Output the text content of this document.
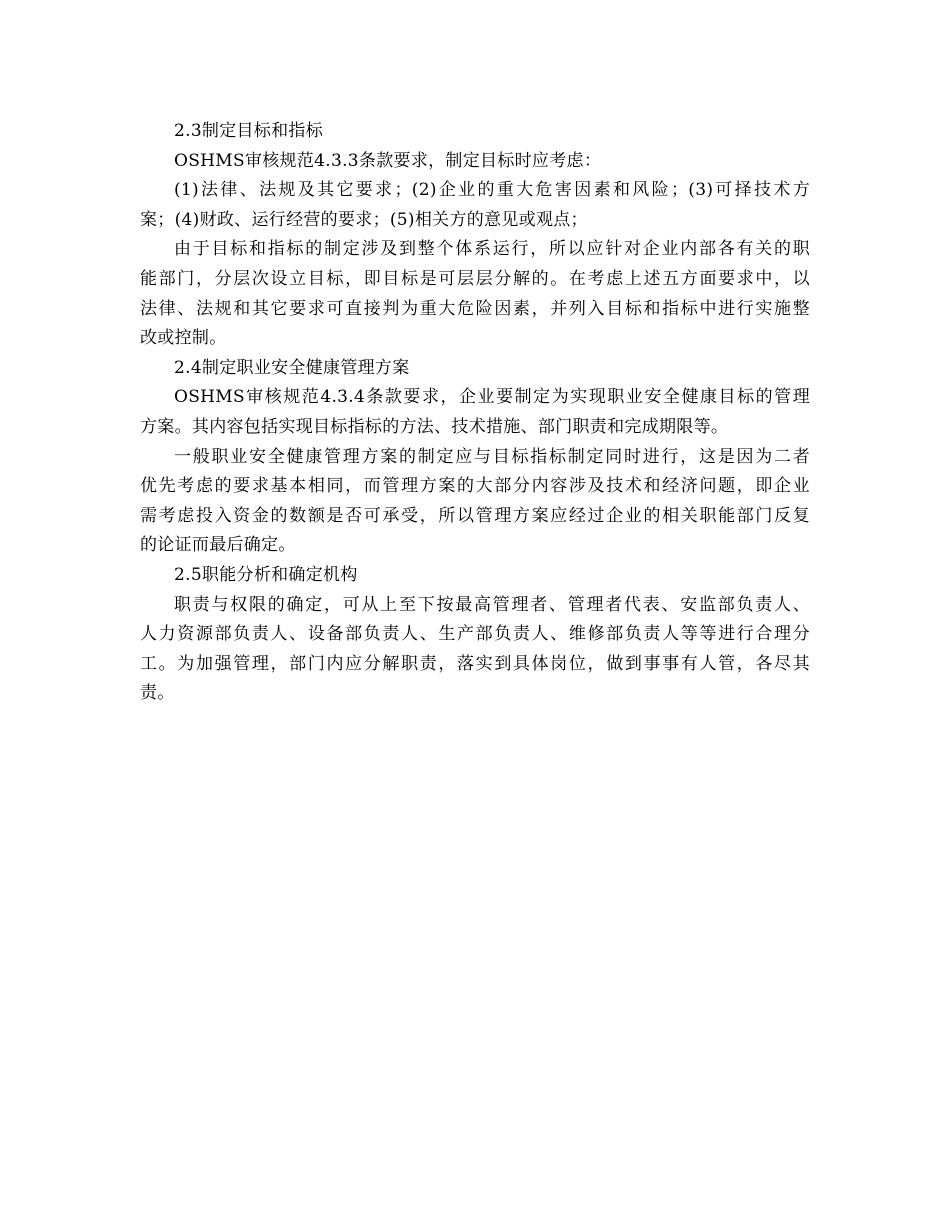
2.3制定目标和指标
OSHMS审核规范4.3.3条款要求，制定目标时应考虑：
(1)法律、法规及其它要求；(2)企业的重大危害因素和风险；(3)可择技术方
案；(4)财政、运行经营的要求；(5)相关方的意见或观点；
由于目标和指标的制定涉及到整个体系运行，所以应针对企业内部各有关的职
能部门，分层次设立目标，即目标是可层层分解的。在考虑上述五方面要求中，以
法律、法规和其它要求可直接判为重大危险因素，并列入目标和指标中进行实施整
改或控制。
2.4制定职业安全健康管理方案
OSHMS审核规范4.3.4条款要求，企业要制定为实现职业安全健康目标的管理
方案。其内容包括实现目标指标的方法、技术措施、部门职责和完成期限等。
一般职业安全健康管理方案的制定应与目标指标制定同时进行，这是因为二者
优先考虑的要求基本相同，而管理方案的大部分内容涉及技术和经济问题，即企业
需考虑投入资金的数额是否可承受，所以管理方案应经过企业的相关职能部门反复
的论证而最后确定。
2.5职能分析和确定机构
职责与权限的确定，可从上至下按最高管理者、管理者代表、安监部负责人、
人力资源部负责人、设备部负责人、生产部负责人、维修部负责人等等进行合理分
工。为加强管理，部门内应分解职责，落实到具体岗位，做到事事有人管，各尽其
责。
